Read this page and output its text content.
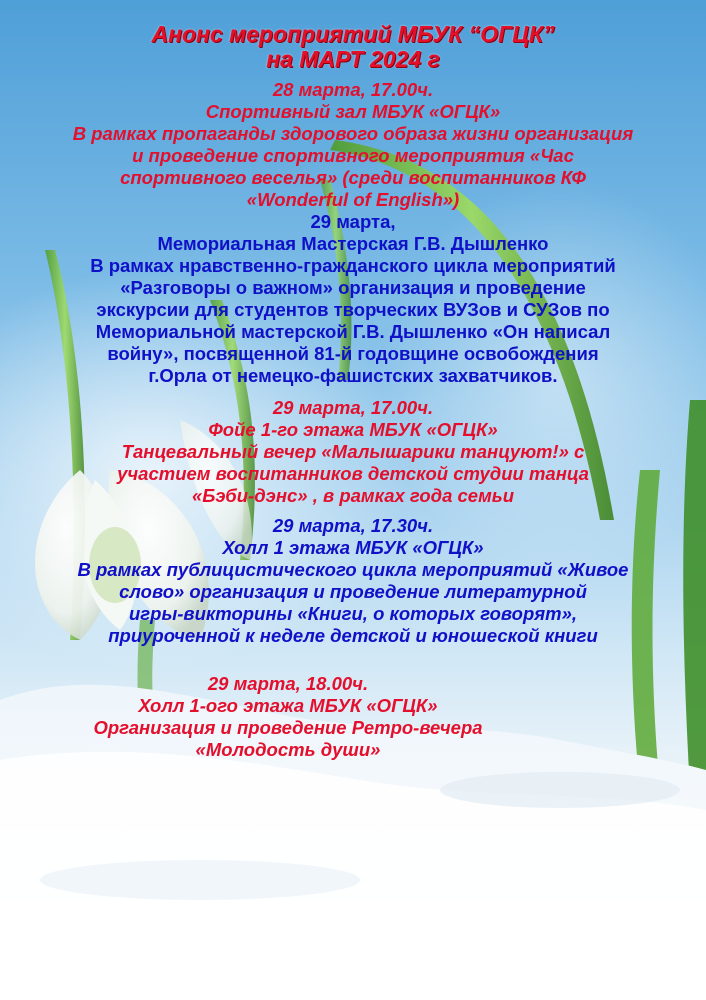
Анонс мероприятий МБУК “ОГЦК”
на МАРТ 2024 г
28 марта, 17.00ч.
Спортивный зал МБУК «ОГЦК»
В рамках пропаганды здорового образа жизни организация
и проведение спортивного мероприятия «Час
спортивного веселья» (среди воспитанников КФ
«Wonderful of English»)
29 марта,
Мемориальная Мастерская Г.В. Дышленко
В рамках нравственно-гражданского цикла мероприятий
«Разговоры о важном» организация и проведение
экскурсии для студентов творческих ВУЗов и СУЗов по
Мемориальной мастерской Г.В. Дышленко «Он написал
войну», посвященной 81-й годовщине освобождения
г.Орла от немецко-фашистских захватчиков.
29 марта, 17.00ч.
Фойе 1-го этажа МБУК «ОГЦК»
Танцевальный вечер «Малышарики танцуют!» с
участием воспитанников детской студии танца
«Бэби-дэнс» , в рамках года семьи
29 марта, 17.30ч.
Холл 1 этажа МБУК «ОГЦК»
В рамках публицистического цикла мероприятий «Живое
слово» организация и проведение литературной
игры-викторины «Книги, о которых говорят»,
приуроченной к неделе детской и юношеской книги
29 марта, 18.00ч.
Холл 1-ого этажа МБУК «ОГЦК»
Организация и проведение Ретро-вечера
«Молодость души»
